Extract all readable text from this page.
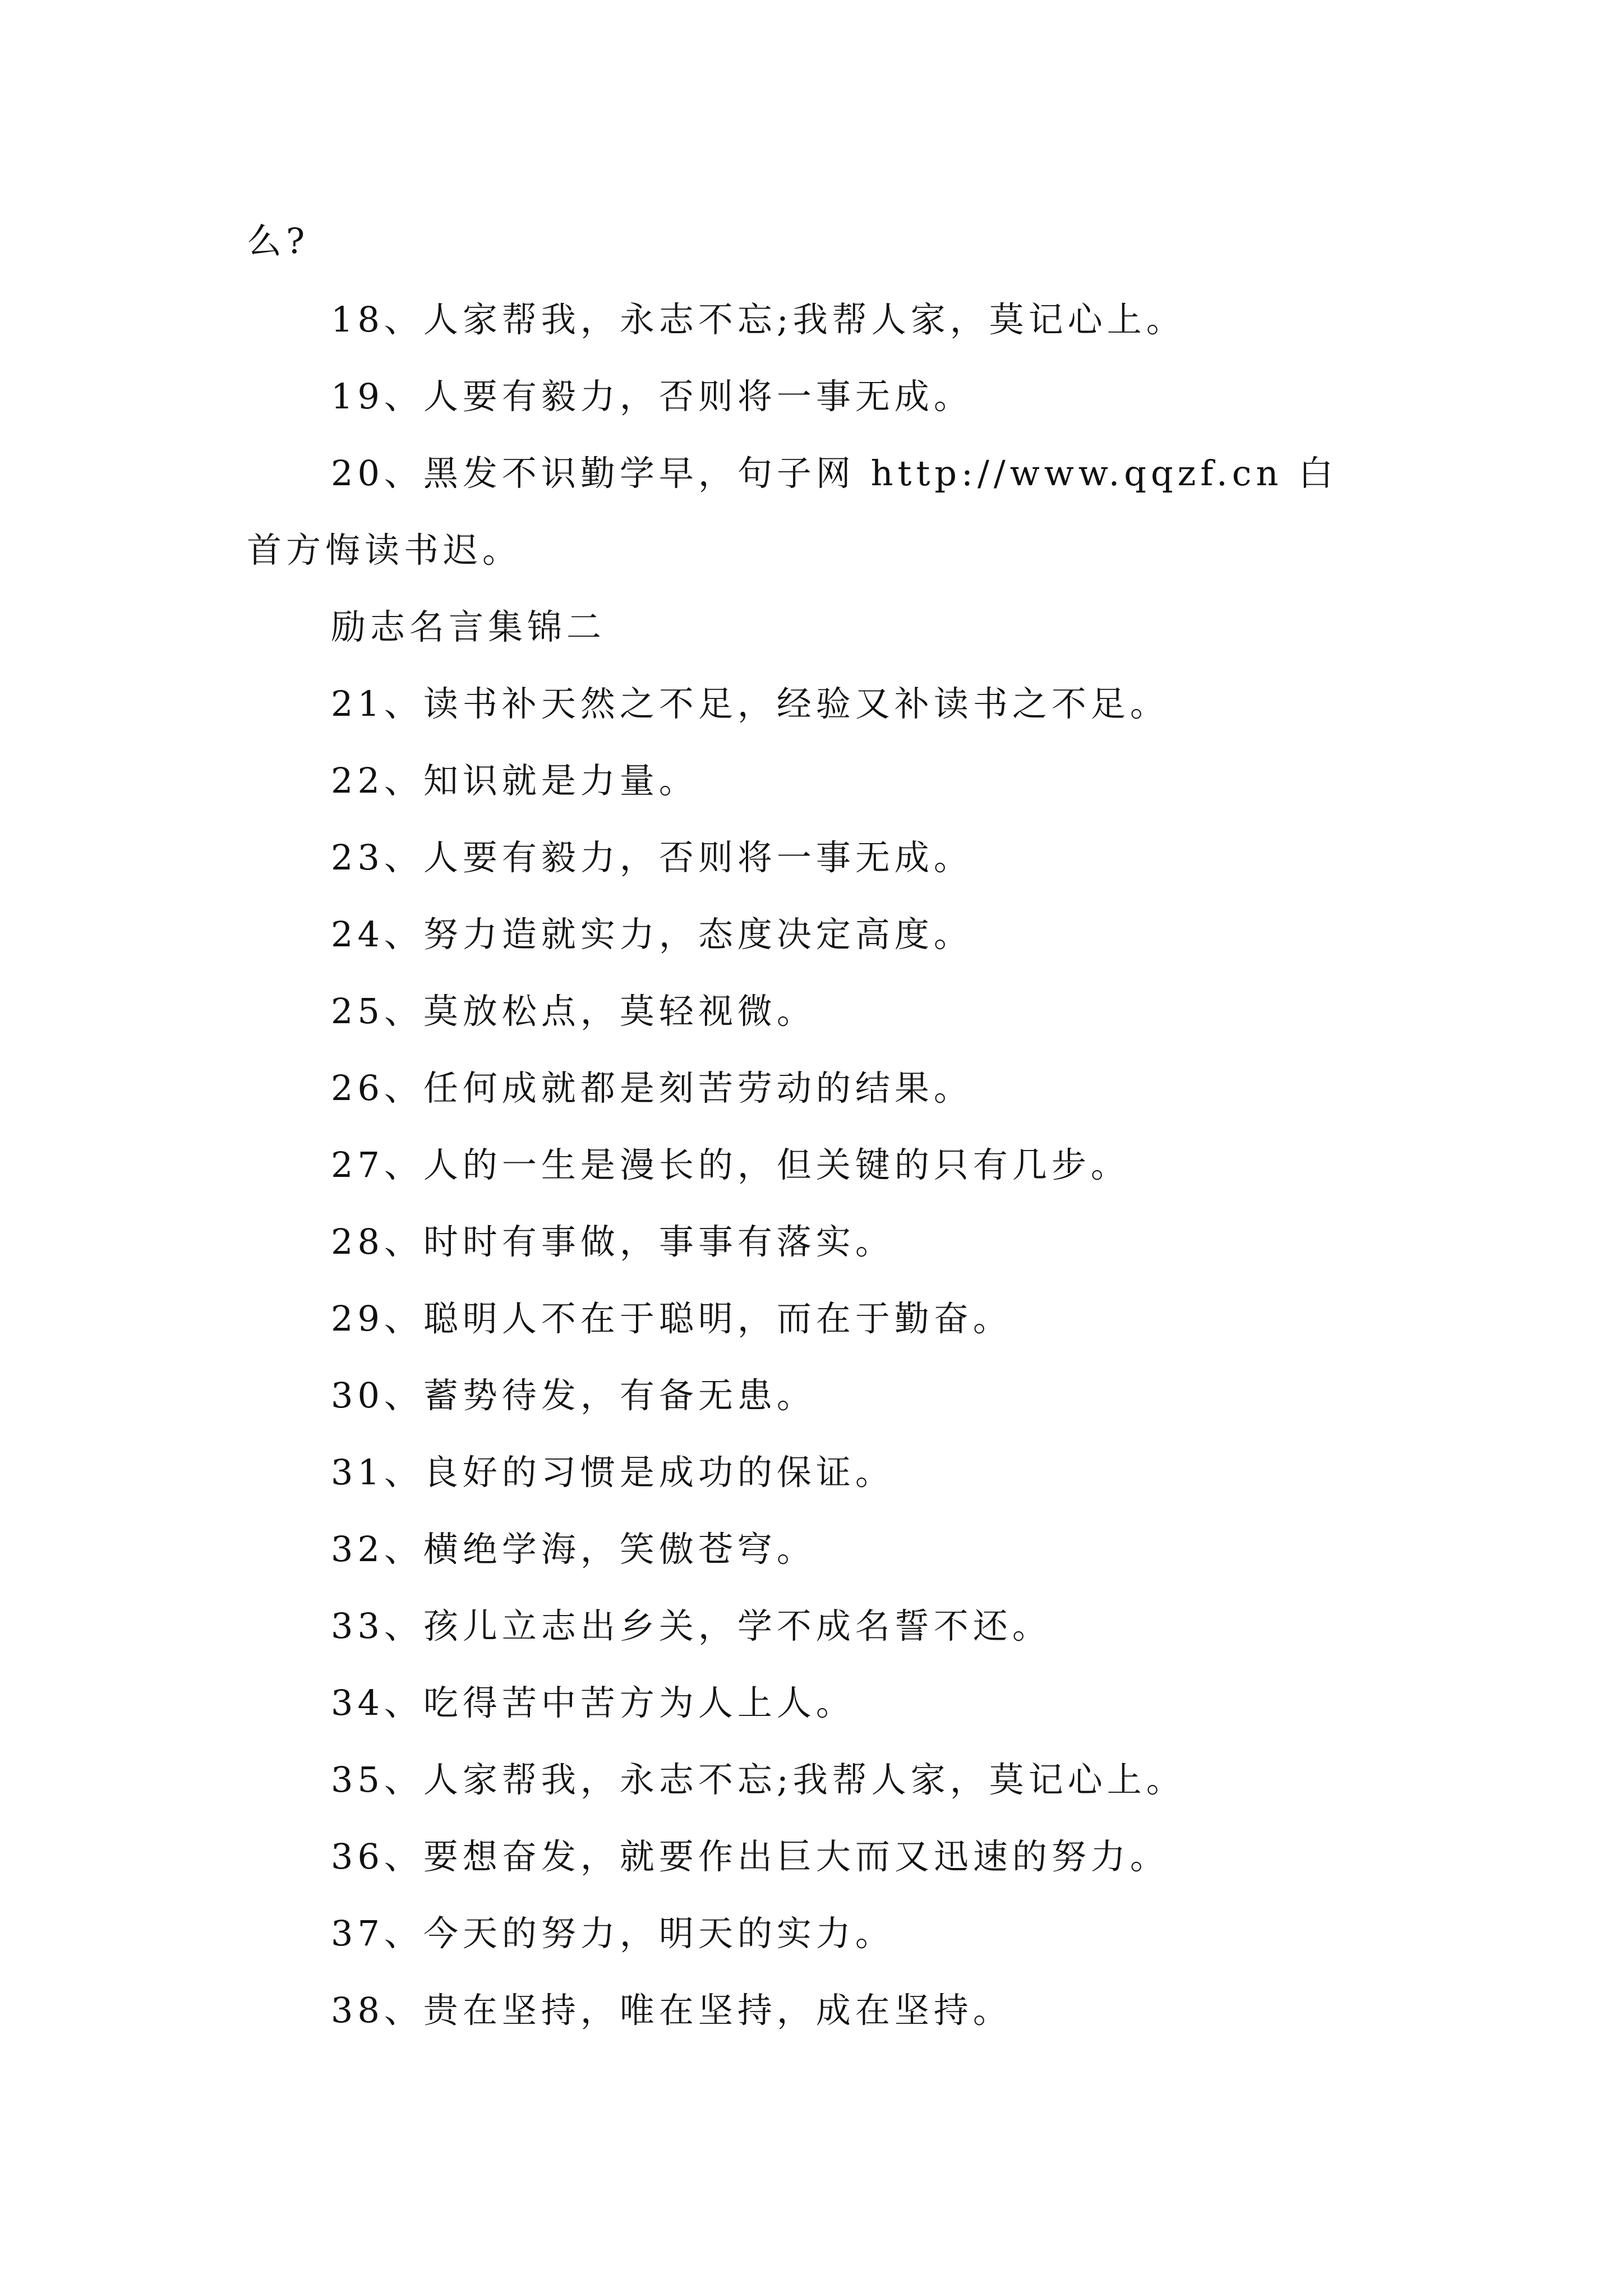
么?
18、人家帮我，永志不忘;我帮人家，莫记心上。
19、人要有毅力，否则将一事无成。
20、黑发不识勤学早，句子网 http://www.qqzf.cn 白
首方悔读书迟。
励志名言集锦二
21、读书补天然之不足，经验又补读书之不足。
22、知识就是力量。
23、人要有毅力，否则将一事无成。
24、努力造就实力，态度决定高度。
25、莫放松点，莫轻视微。
26、任何成就都是刻苦劳动的结果。
27、人的一生是漫长的，但关键的只有几步。
28、时时有事做，事事有落实。
29、聪明人不在于聪明，而在于勤奋。
30、蓄势待发，有备无患。
31、良好的习惯是成功的保证。
32、横绝学海，笑傲苍穹。
33、孩儿立志出乡关，学不成名誓不还。
34、吃得苦中苦方为人上人。
35、人家帮我，永志不忘;我帮人家，莫记心上。
36、要想奋发，就要作出巨大而又迅速的努力。
37、今天的努力，明天的实力。
38、贵在坚持，唯在坚持，成在坚持。
